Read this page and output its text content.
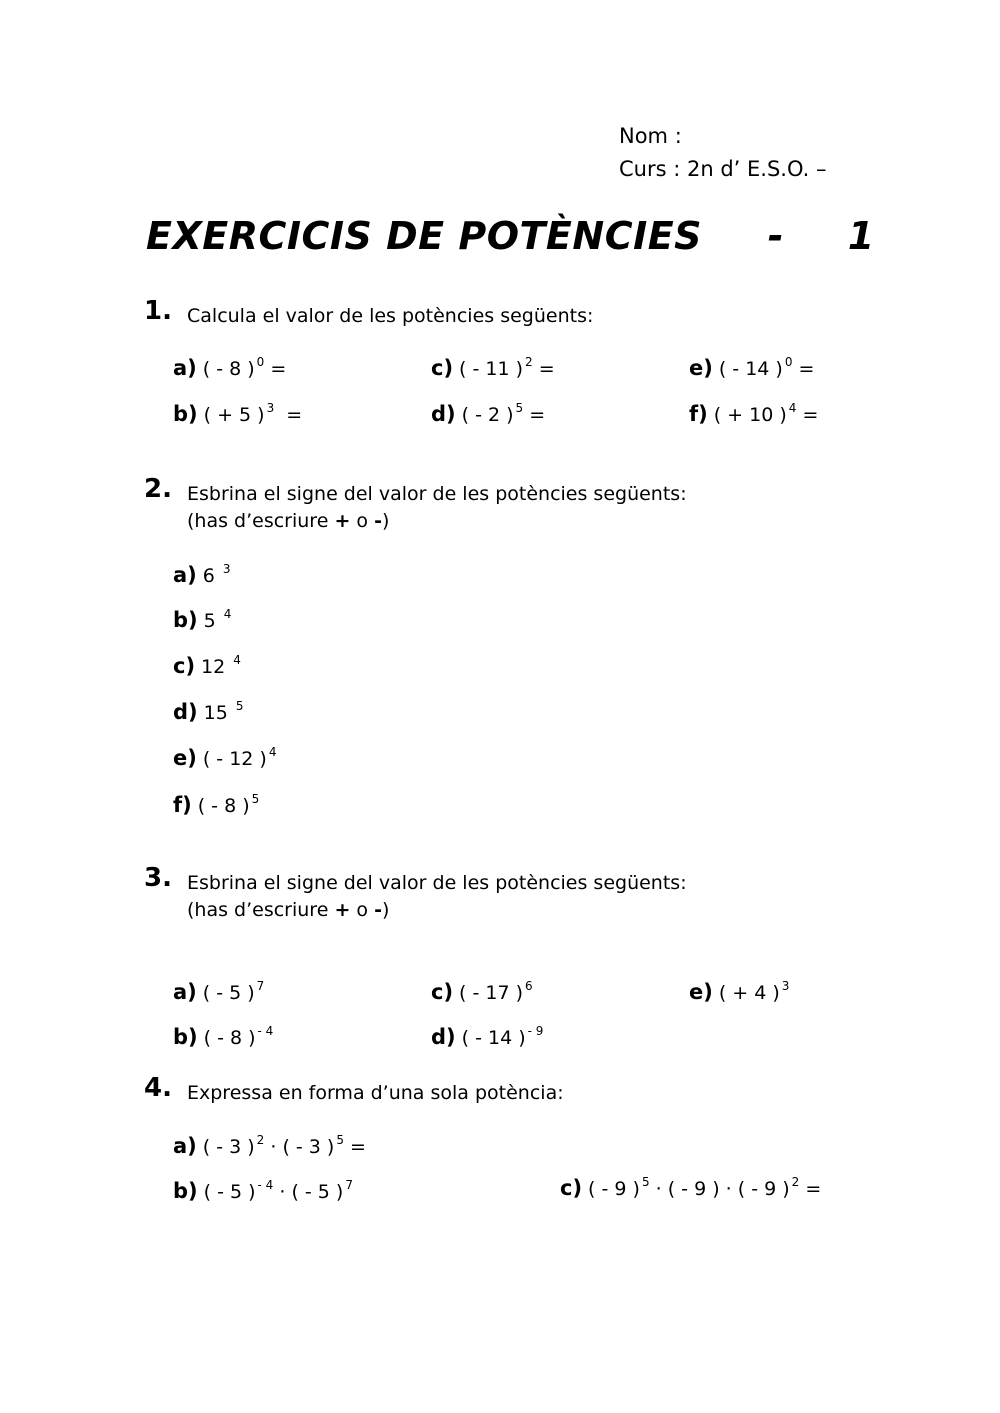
Nom :
Curs : 2n d’ E.S.O. –
EXERCICIS DE POTÈNCIES - 1
1. Calcula el valor de les potències següents:
a) ( - 8 ) $^0$ =
b) ( + 5 ) $^3$ =
c) ( - 11 ) $^2$ =
d) ( - 2 ) $^5$ =
e) ( - 14 ) $^0$ =
f) ( + 10 ) $^4$ =
2. Esbrina el signe del valor de les potències següents:
(has d’escriure + o -)
a) 6 $^3$
b) 5 $^4$
c) 12 $^4$
d) 15 $^5$
e) ( - 12 ) $^4$
f) ( - 8 ) $^5$
3. Esbrina el signe del valor de les potències següents:
(has d’escriure + o -)
a) ( - 5 ) $^7$
b) ( - 8 ) $^{- 4}$
c) ( - 17 ) $^6$
d) ( - 14 ) $^{- 9}$
e) ( + 4 ) $^3$
4. Expressa en forma d’una sola potència:
a) ( - 3 ) $^2$ · ( - 3 ) $^5$ =
b) ( - 5 ) $^{- 4}$ · ( - 5 ) $^7$	c) ( - 9 ) $^5$ · ( - 9 ) · ( - 9 ) $^2$ =
